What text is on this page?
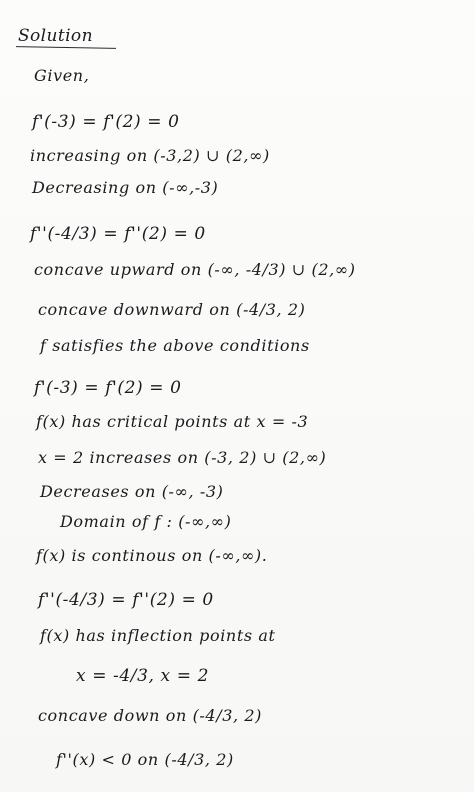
Solution
Given,
f'(-3) = f'(2) = 0
increasing on (-3,2) ∪ (2,∞)
Decreasing on (-∞,-3)
f''(-4/3) = f''(2) = 0
concave upward on (-∞, -4/3) ∪ (2,∞)
concave downward on (-4/3, 2)
f satisfies the above conditions
f'(-3) = f'(2) = 0
f(x) has critical points at x = -3
x = 2 increases on (-3, 2) ∪ (2,∞)
Decreases on (-∞, -3)
Domain of f : (-∞,∞)
f(x) is continous on (-∞,∞).
f''(-4/3) = f''(2) = 0
f(x) has inflection points at
x = -4/3, x = 2
concave down on (-4/3, 2)
f''(x) < 0 on (-4/3, 2)
